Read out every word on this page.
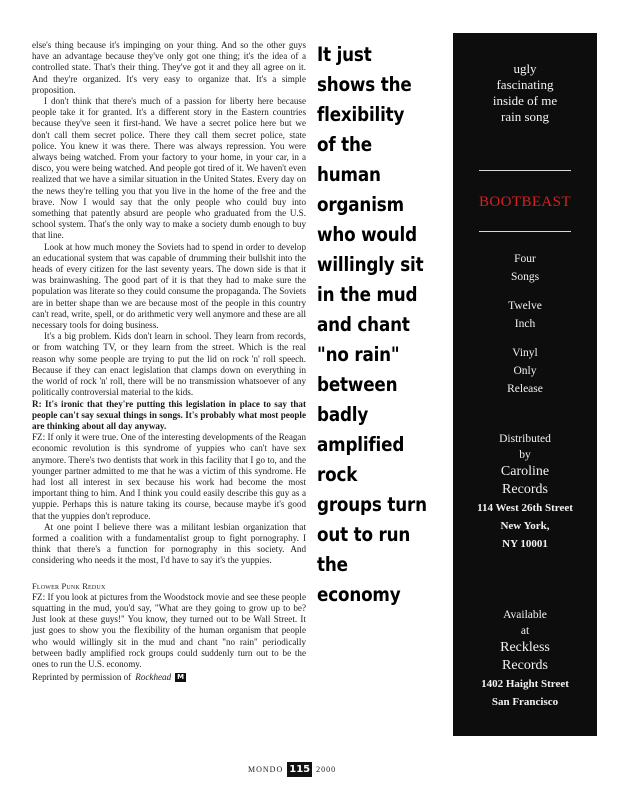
else's thing because it's impinging on your thing. And so the other guys have an advantage because they've only got one thing; it's the idea of a controlled state. That's their thing. They've got it and they all agree on it. And they're organized. It's very easy to organize that. It's a simple proposition.

I don't think that there's much of a passion for liberty here because people take it for granted. It's a different story in the Eastern countries because they've seen it first-hand. We have a secret police here but we don't call them secret police. There they call them secret police, state police. You knew it was there. There was always repression. You were always being watched. From your factory to your home, in your car, in a disco, you were being watched. And people got tired of it. We haven't even realized that we have a similar situation in the United States. Every day on the news they're telling you that you live in the home of the free and the brave. Now I would say that the only people who could buy into something that patently absurd are people who graduated from the U.S. school system. That's the only way to make a society dumb enough to buy that line.

Look at how much money the Soviets had to spend in order to develop an educational system that was capable of drumming their bullshit into the heads of every citizen for the last seventy years. The down side is that it was brainwashing. The good part of it is that they had to make sure the population was literate so they could consume the propaganda. The Soviets are in better shape than we are because most of the people in this country can't read, write, spell, or do arithmetic very well anymore and these are all necessary tools for doing business.

It's a big problem. Kids don't learn in school. They learn from records, or from watching TV, or they learn from the street. Which is the real reason why some people are trying to put the lid on rock 'n' roll speech. Because if they can enact legislation that clamps down on everything in the world of rock 'n' roll, there will be no transmission whatsoever of any politically controversial material to the kids.

R: It's ironic that they're putting this legislation in place to say that people can't say sexual things in songs. It's probably what most people are thinking about all day anyway.

FZ: If only it were true. One of the interesting developments of the Reagan economic revolution is this syndrome of yuppies who can't have sex anymore. There's two dentists that work in this facility that I go to, and the younger partner admitted to me that he was a victim of this syndrome. He had lost all interest in sex because his work had become the most important thing to him. And I think you could easily describe this guy as a yuppie. Perhaps this is nature taking its course, because maybe it's good that the yuppies don't reproduce.

At one point I believe there was a militant lesbian organization that formed a coalition with a fundamentalist group to fight pornography. I think that there's a function for pornography in this society. And considering who needs it the most, I'd have to say it's the yuppies.

Flower Punk Redux

FZ: If you look at pictures from the Woodstock movie and see these people squatting in the mud, you'd say, "What are they going to grow up to be? Just look at these guys!" You know, they turned out to be Wall Street. It just goes to show you the flexibility of the human organism that people who would willingly sit in the mud and chant "no rain" periodically between badly amplified rock groups could suddenly turn out to be the ones to run the U.S. economy.

Reprinted by permission of Rockhead M
It just shows the flexibility of the human organism who would willingly sit in the mud and chant "no rain" between badly amplified rock groups turn out to run the economy
ugly
fascinating
inside of me
rain song
BOOTBEAST
Four
Songs
Twelve
Inch
Vinyl
Only
Release
Distributed
by
Caroline
Records
114 West 26th Street
New York,
NY 10001
Available
at
Reckless
Records
1402 Haight Street
San Francisco
MONDO 115 2000
